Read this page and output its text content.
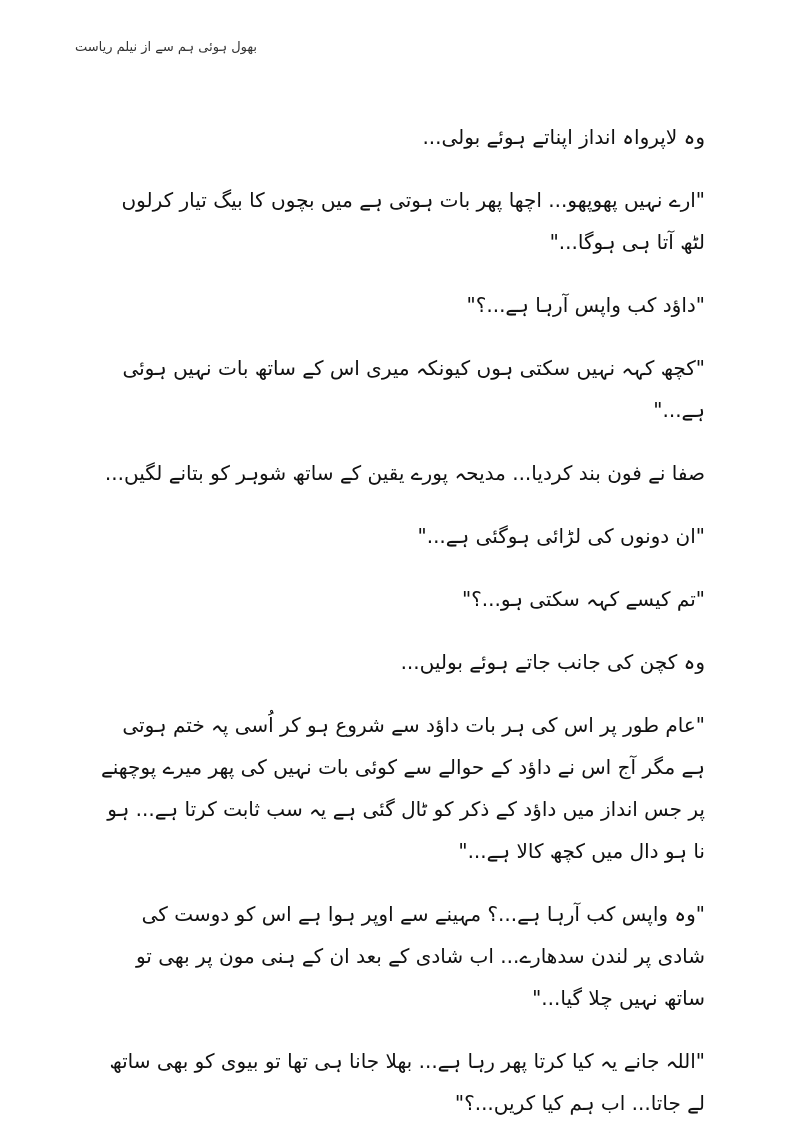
بھول ہوئی ہم سے از نیلم ریاست

وہ لاپرواہ انداز اپناتے ہوئے بولی...

"ارے نہیں پھوپھو... اچھا پھر بات ہوتی ہے میں بچوں کا بیگ تیار کرلوں لٹھ آتا ہی ہوگا..."

"داؤد کب واپس آرہا ہے...؟"

"کچھ کہہ نہیں سکتی ہوں کیونکہ میری اس کے ساتھ بات نہیں ہوئی ہے..."

صفا نے فون بند کردیا... مدیحہ پورے یقین کے ساتھ شوہر کو بتانے لگیں...

"ان دونوں کی لڑائی ہوگئی ہے..."

"تم کیسے کہہ سکتی ہو...؟"

وہ کچن کی جانب جاتے ہوئے بولیں...

"عام طور پر اس کی ہر بات داؤد سے شروع ہو کر اُسی پہ ختم ہوتی ہے مگر آج اس نے داؤد کے حوالے سے کوئی بات نہیں کی پھر میرے پوچھنے پر جس انداز میں داؤد کے ذکر کو ٹال گئی ہے یہ سب ثابت کرتا ہے... ہو نا ہو دال میں کچھ کالا ہے..."

"وہ واپس کب آرہا ہے...؟ مہینے سے اوپر ہوا ہے اس کو دوست کی شادی پر لندن سدھارے... اب شادی کے بعد ان کے ہنی مون پر بھی تو ساتھ نہیں چلا گیا..."

"اللہ جانے یہ کیا کرتا پھر رہا ہے... بھلا جانا ہی تھا تو بیوی کو بھی ساتھ لے جاتا... اب ہم کیا کریں...؟"
